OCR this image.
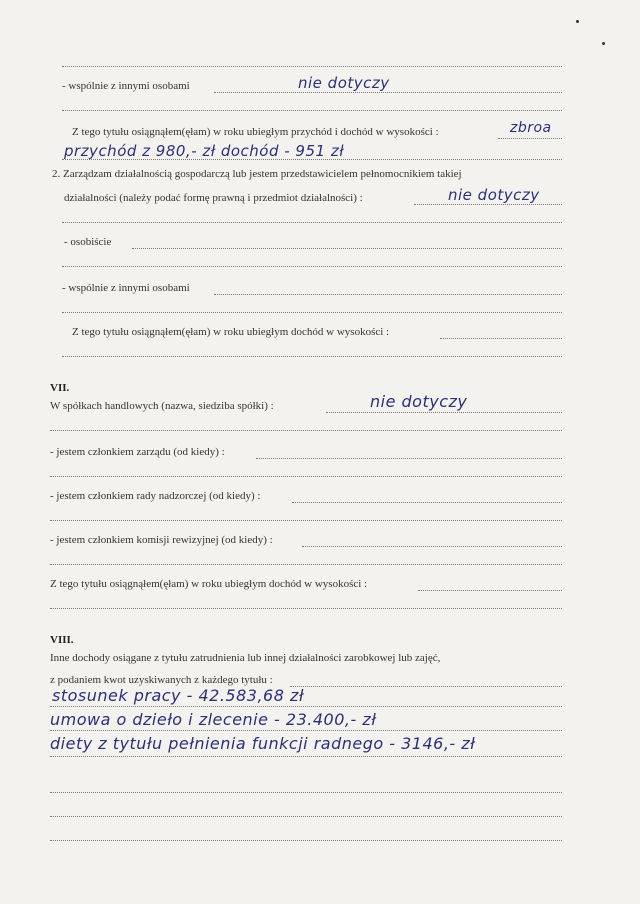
- wspólnie z innymi osobami	nie dotyczy
Z tego tytułu osiągnąłem(ęłam) w roku ubiegłym przychód i dochód w wysokości :	zbroa
przychód z 980,- zł dochód - 951 zł
2. Zarządzam działalnością gospodarczą lub jestem przedstawicielem pełnomocnikiem takiej
działalności (należy podać formę prawną i przedmiot działalności) :	nie dotyczy
- osobiście
- wspólnie z innymi osobami
Z tego tytułu osiągnąłem(ęłam) w roku ubiegłym dochód w wysokości :
VII.
W spółkach handlowych (nazwa, siedziba spółki) :	nie dotyczy
- jestem członkiem zarządu (od kiedy) :
- jestem członkiem rady nadzorczej (od kiedy) :
- jestem członkiem komisji rewizyjnej (od kiedy) :
Z tego tytułu osiągnąłem(ęłam) w roku ubiegłym dochód w wysokości :
VIII.
Inne dochody osiągane z tytułu zatrudnienia lub innej działalności zarobkowej lub zajęć,
z podaniem kwot uzyskiwanych z każdego tytułu :
stosunek pracy - 42.583,68 zł
umowa o dzieło i zlecenie - 23.400,- zł
diety z tytułu pełnienia funkcji radnego - 3146,- zł
